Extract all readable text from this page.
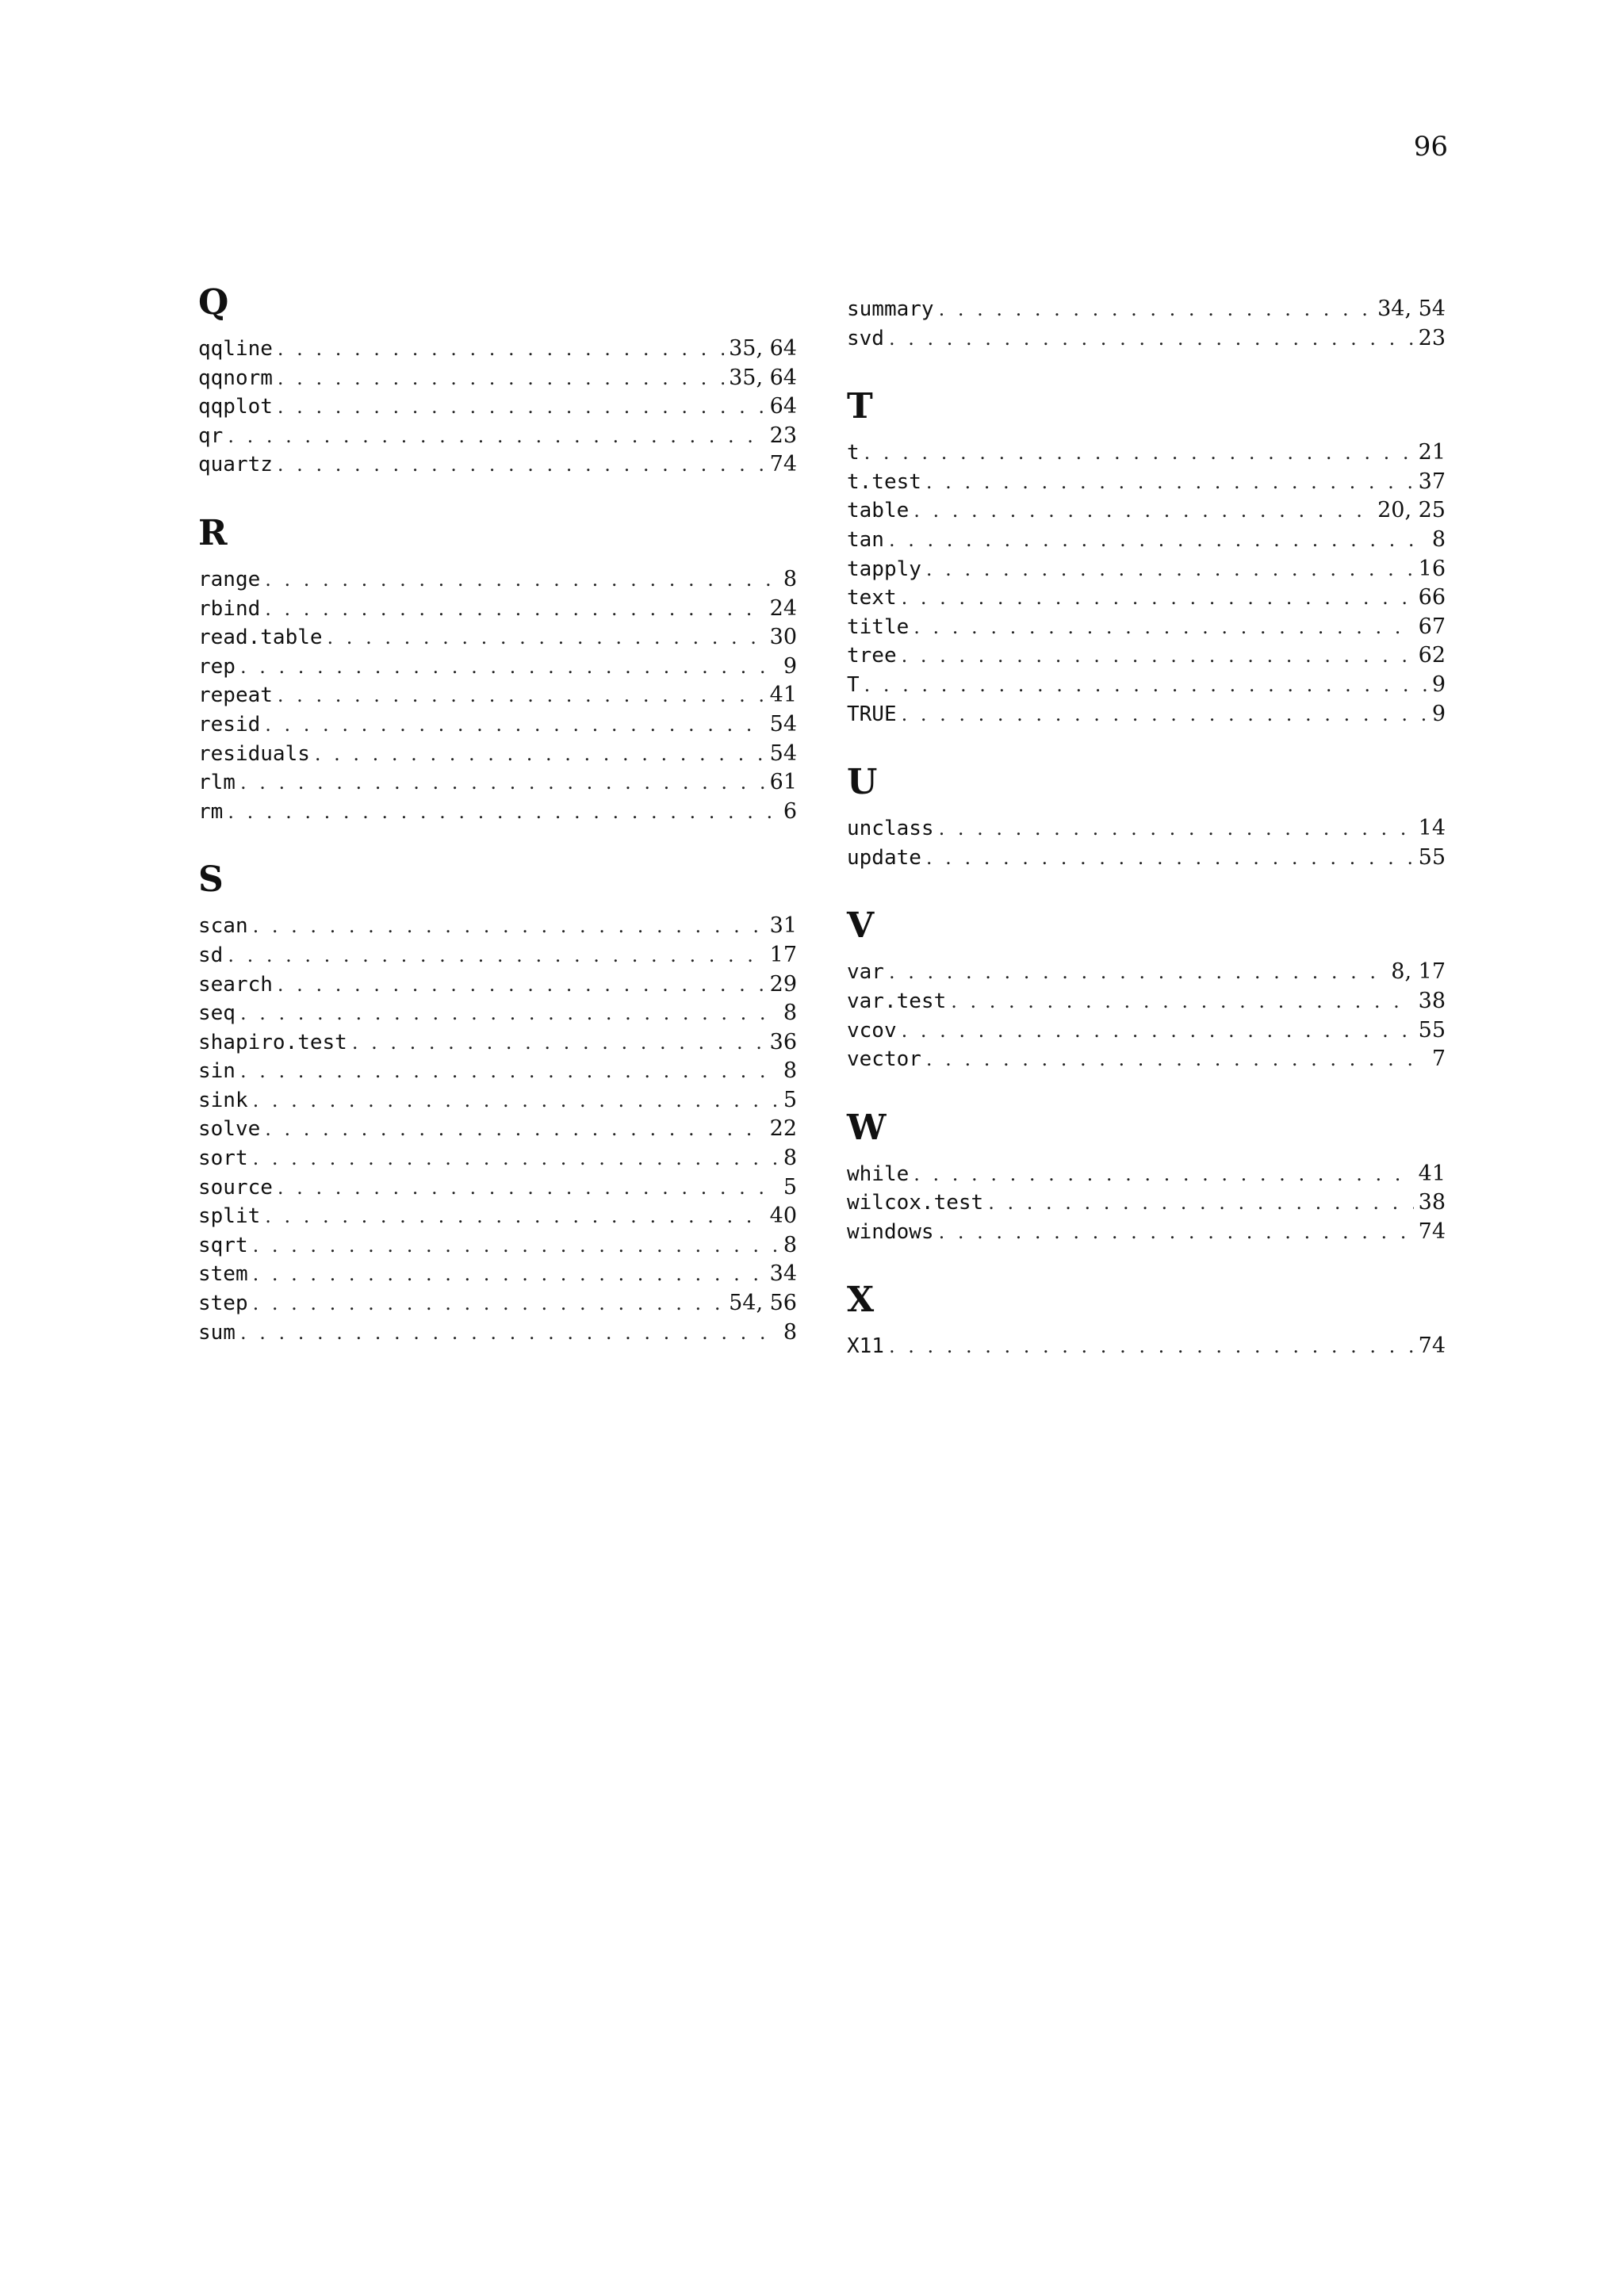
96
Q
qqline . . .	35, 64
qqnorm . . .	35, 64
qqplot . . .	64
qr . . .	23
quartz . . .	74
R
range . . .	8
rbind . . .	24
read.table . . .	30
rep . . .	9
repeat . . .	41
resid . . .	54
residuals . . .	54
rlm . . .	61
rm . . .	6
S
scan . . .	31
sd . . .	17
search . . .	29
seq . . .	8
shapiro.test . . .	36
sin . . .	8
sink . . .	5
solve . . .	22
sort . . .	8
source . . .	5
split . . .	40
sqrt . . .	8
stem . . .	34
step . . .	54, 56
sum . . .	8
summary . . .	34, 54
svd . . .	23
T
t . . .	21
t.test . . .	37
table . . .	20, 25
tan . . .	8
tapply . . .	16
text . . .	66
title . . .	67
tree . . .	62
T . . .	9
TRUE . . .	9
U
unclass . . .	14
update . . .	55
V
var . . .	8, 17
var.test . . .	38
vcov . . .	55
vector . . .	7
W
while . . .	41
wilcox.test . . .	38
windows . . .	74
X
X11 . . .	74
